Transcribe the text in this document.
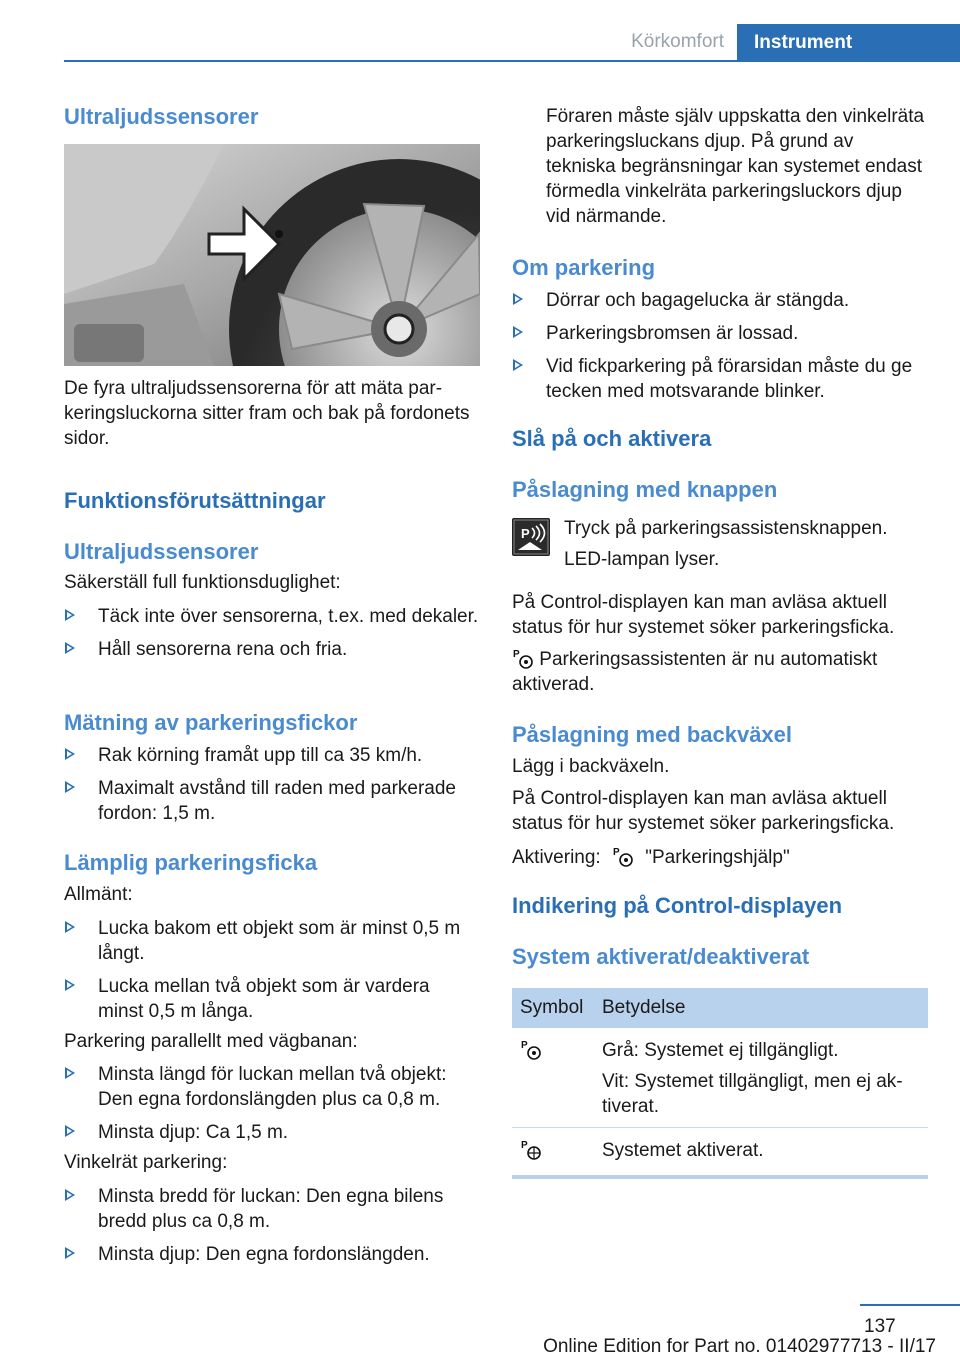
Körkomfort	Instrument
Ultraljudssensorer
De fyra ultraljudssensorerna för att mäta parkeringsluckorna sitter fram och bak på fordonets sidor.
Funktionsförutsättningar
Ultraljudssensorer
Säkerställ full funktionsduglighet:
Täck inte över sensorerna, t.ex. med dekaler.
Håll sensorerna rena och fria.
Mätning av parkeringsfickor
Rak körning framåt upp till ca 35 km/h.
Maximalt avstånd till raden med parkerade fordon: 1,5 m.
Lämplig parkeringsficka
Allmänt:
Lucka bakom ett objekt som är minst 0,5 m långt.
Lucka mellan två objekt som är vardera minst 0,5 m långa.
Parkering parallellt med vägbanan:
Minsta längd för luckan mellan två objekt: Den egna fordonslängden plus ca 0,8 m.
Minsta djup: Ca 1,5 m.
Vinkelrät parkering:
Minsta bredd för luckan: Den egna bilens bredd plus ca 0,8 m.
Minsta djup: Den egna fordonslängden.
Föraren måste själv uppskatta den vinkelräta parkeringsluckans djup. På grund av tekniska begränsningar kan systemet endast förmedla vinkelräta parkeringsluckors djup vid närmande.
Om parkering
Dörrar och bagagelucka är stängda.
Parkeringsbromsen är lossad.
Vid fickparkering på förarsidan måste du ge tecken med motsvarande blinker.
Slå på och aktivera
Påslagning med knappen
P Tryck på parkeringsassistensknappen.
LED-lampan lyser.
På Control-displayen kan man avläsa aktuell status för hur systemet söker parkeringsficka.
P Parkeringsassistenten är nu automatiskt aktiverad.
Påslagning med backväxel
Lägg i backväxeln.
På Control-displayen kan man avläsa aktuell status för hur systemet söker parkeringsficka.
Aktivering: P "Parkeringshjälp"
Indikering på Control-displayen
System aktiverat/deaktiverat
Symbol Betydelse
P	Grå: Systemet ej tillgängligt.
Vit: Systemet tillgängligt, men ej aktiverat.
P	Systemet aktiverat.
137
Online Edition for Part no. 01402977713 - II/17
